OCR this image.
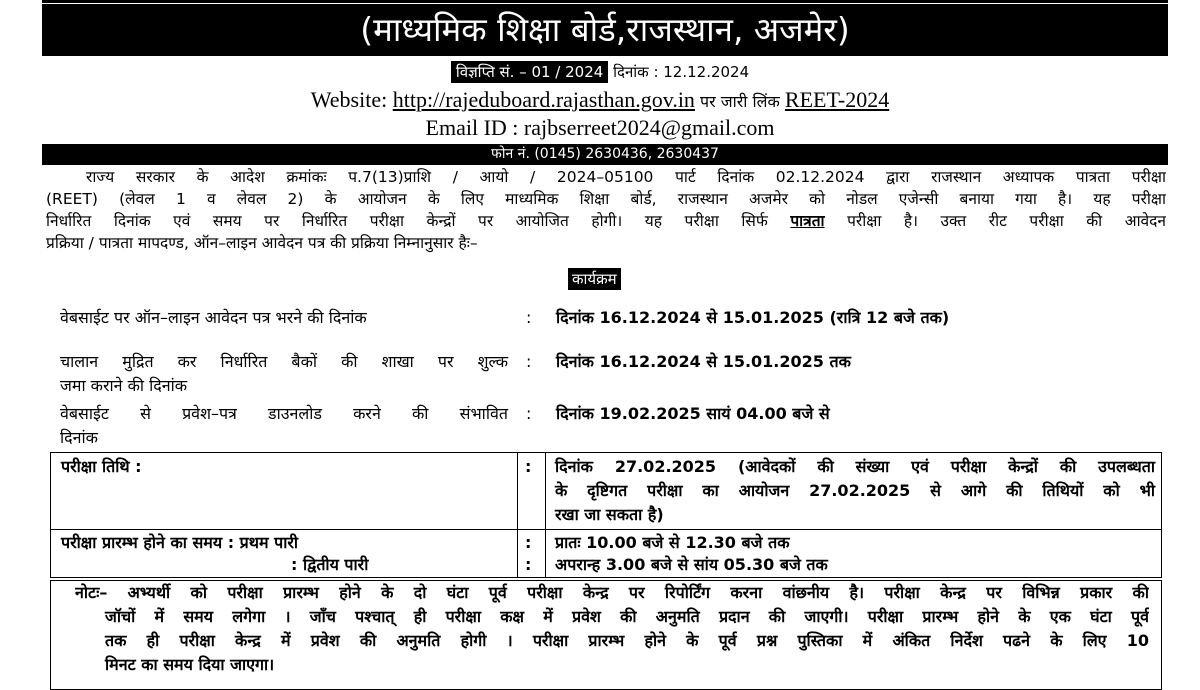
(माध्यमिक शिक्षा बोर्ड,राजस्थान, अजमेर)
विज्ञप्ति सं. – 01 / 2024 दिनांक : 12.12.2024
Website: http://rajeduboard.rajasthan.gov.in पर जारी लिंक REET-2024
Email ID : rajbserreet2024@gmail.com
फोन नं. (0145) 2630436, 2630437
राज्य सरकार के आदेश क्रमांकः प.7(13)प्राशि / आयो / 2024–05100 पार्ट दिनांक 02.12.2024 द्वारा राजस्थान अध्यापक पात्रता परीक्षा
(REET) (लेवल 1 व लेवल 2) के आयोजन के लिए माध्यमिक शिक्षा बोर्ड, राजस्थान अजमेर को नोडल एजेन्सी बनाया गया है। यह परीक्षा
निर्धारित दिनांक एवं समय पर निर्धारित परीक्षा केन्द्रों पर आयोजित होगी। यह परीक्षा सिर्फ पात्रता परीक्षा है। उक्त रीट परीक्षा की आवेदन
प्रक्रिया / पात्रता मापदण्ड, ऑन–लाइन आवेदन पत्र की प्रक्रिया निम्नानुसार हैः–
कार्यक्रम
वेबसाईट पर ऑन–लाइन आवेदन पत्र भरने की दिनांक	: दिनांक 16.12.2024 से 15.01.2025 (रात्रि 12 बजे तक)
चालान मुद्रित कर निर्धारित बैकों की शाखा पर शुल्क
जमा कराने की दिनांक
: दिनांक 16.12.2024 से 15.01.2025 तक
वेबसाईट से प्रवेश–पत्र डाउनलोड करने की संभावित
दिनांक
: दिनांक 19.02.2025 सायं 04.00 बजे से
परीक्षा तिथि :	: दिनांक 27.02.2025 (आवेदकों की संख्या एवं परीक्षा केन्द्रों की उपलब्धता
के दृष्टिगत परीक्षा का आयोजन 27.02.2025 से आगे की तिथियों को भी
रखा जा सकता है)
परीक्षा प्रारम्भ होने का समय : प्रथम पारी
: द्वितीय पारी
:
:
प्रातः 10.00 बजे से 12.30 बजे तक
अपरान्ह 3.00 बजे से सांय 05.30 बजे तक
नोटः– अभ्यर्थी को परीक्षा प्रारम्भ होने के दो घंटा पूर्व परीक्षा केन्द्र पर रिपोर्टिंग करना वांछनीय है। परीक्षा केन्द्र पर विभिन्न प्रकार की
जॉचों में समय लगेगा । जॉंच पश्चात् ही परीक्षा कक्ष में प्रवेश की अनुमति प्रदान की जाएगी। परीक्षा प्रारम्भ होने के एक घंटा पूर्व
तक ही परीक्षा केन्द्र में प्रवेश की अनुमति होगी । परीक्षा प्रारम्भ होने के पूर्व प्रश्न पुस्तिका में अंकित निर्देश पढने के लिए 10
मिनट का समय दिया जाएगा।
